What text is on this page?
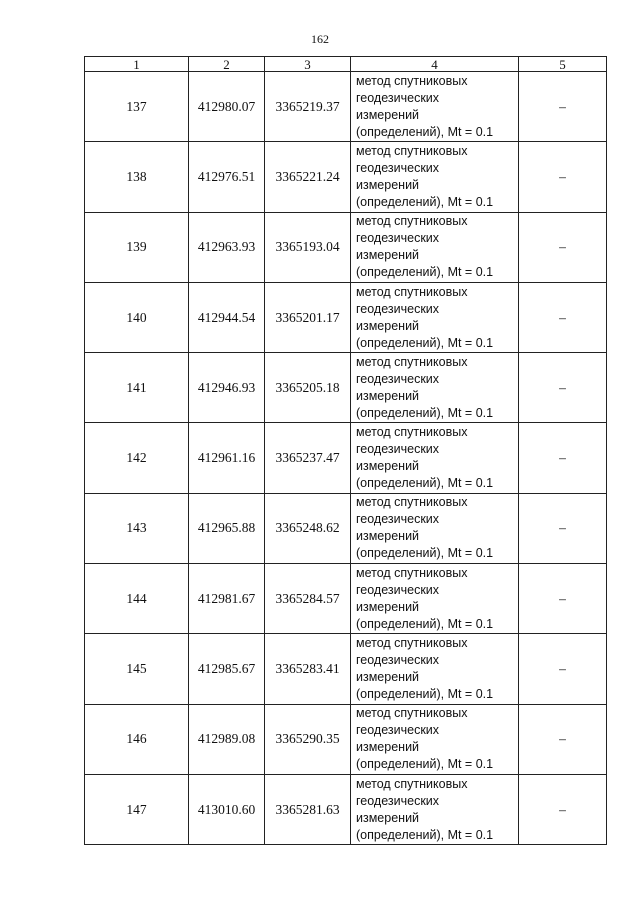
162
1	2	3	4	5
137	412980.07	3365219.37	метод спутниковых
геодезических
измерений
(определений), Mt = 0.1	–
138	412976.51	3365221.24	метод спутниковых
геодезических
измерений
(определений), Mt = 0.1	–
139	412963.93	3365193.04	метод спутниковых
геодезических
измерений
(определений), Mt = 0.1	–
140	412944.54	3365201.17	метод спутниковых
геодезических
измерений
(определений), Mt = 0.1	–
141	412946.93	3365205.18	метод спутниковых
геодезических
измерений
(определений), Mt = 0.1	–
142	412961.16	3365237.47	метод спутниковых
геодезических
измерений
(определений), Mt = 0.1	–
143	412965.88	3365248.62	метод спутниковых
геодезических
измерений
(определений), Mt = 0.1	–
144	412981.67	3365284.57	метод спутниковых
геодезических
измерений
(определений), Mt = 0.1	–
145	412985.67	3365283.41	метод спутниковых
геодезических
измерений
(определений), Mt = 0.1	–
146	412989.08	3365290.35	метод спутниковых
геодезических
измерений
(определений), Mt = 0.1	–
147	413010.60	3365281.63	метод спутниковых
геодезических
измерений
(определений), Mt = 0.1	–
